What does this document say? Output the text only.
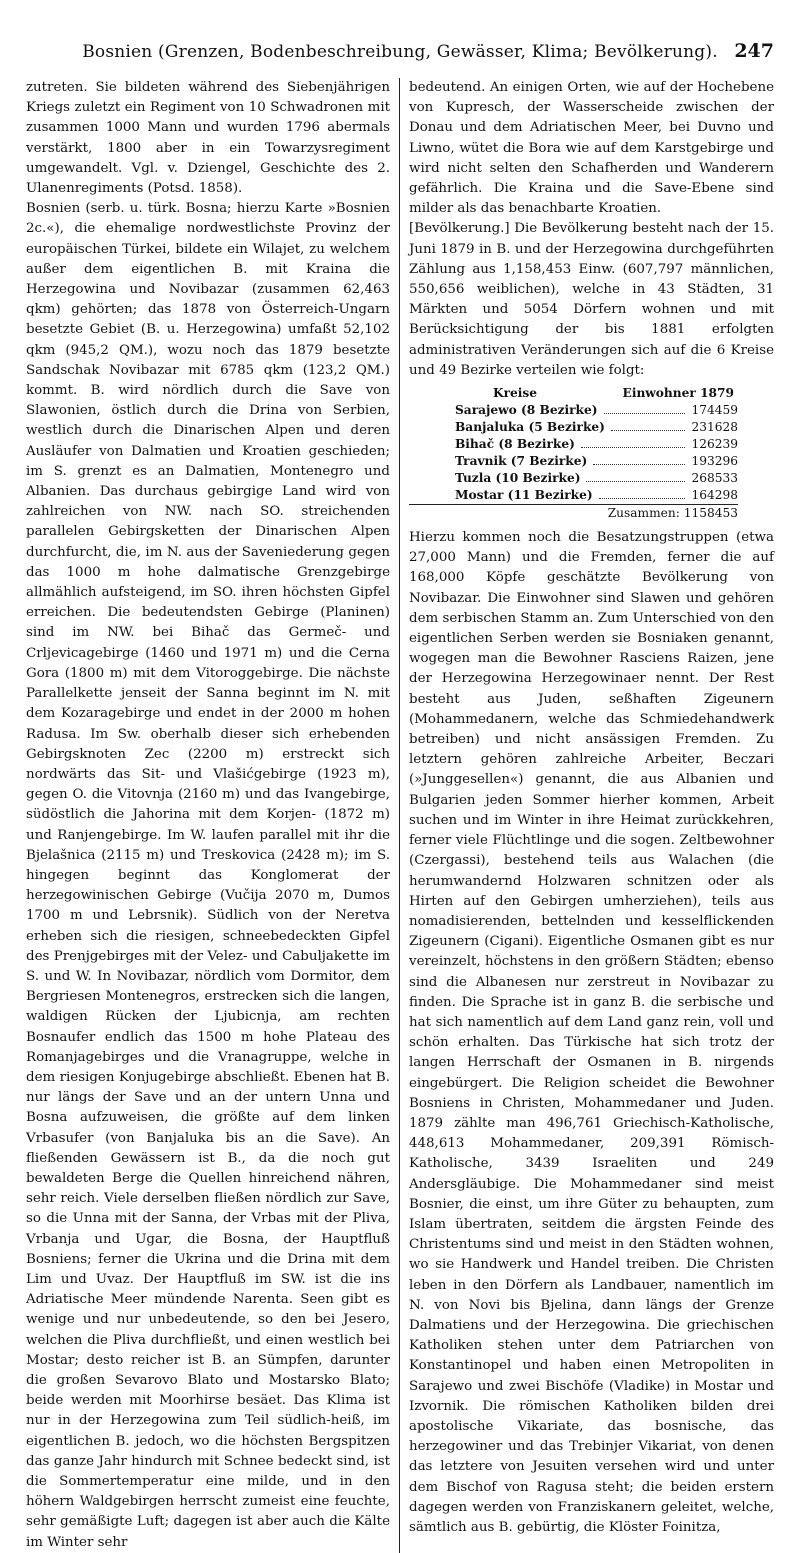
Bosnien (Grenzen, Bodenbeschreibung, Gewässer, Klima; Bevölkerung). 247

zutreten. Sie bildeten während des Siebenjährigen Kriegs zuletzt ein Regiment von 10 Schwadronen mit zusammen 1000 Mann und wurden 1796 abermals verstärkt, 1800 aber in ein Towarzysregiment umgewandelt. Vgl. v. Dziengel, Geschichte des 2. Ulanenregiments (Potsd. 1858).

Bosnien (serb. u. türk. Bosna; hierzu Karte »Bosnien 2c.«), die ehemalige nordwestlichste Provinz der europäischen Türkei, bildete ein Wilajet, zu welchem außer dem eigentlichen B. mit Kraina die Herzegowina und Novibazar (zusammen 62,463 qkm) gehörten; das 1878 von Österreich-Ungarn besetzte Gebiet (B. u. Herzegowina) umfaßt 52,102 qkm (945,2 QM.), wozu noch das 1879 besetzte Sandschak Novibazar mit 6785 qkm (123,2 QM.) kommt. B. wird nördlich durch die Save von Slawonien, östlich durch die Drina von Serbien, westlich durch die Dinarischen Alpen und deren Ausläufer von Dalmatien und Kroatien geschieden; im S. grenzt es an Dalmatien, Montenegro und Albanien. Das durchaus gebirgige Land wird von zahlreichen von NW. nach SO. streichenden parallelen Gebirgsketten der Dinarischen Alpen durchfurcht, die, im N. aus der Saveniederung gegen das 1000 m hohe dalmatische Grenzgebirge allmählich aufsteigend, im SO. ihren höchsten Gipfel erreichen. Die bedeutendsten Gebirge (Planinen) sind im NW. bei Bihač das Germeč- und Crljevicagebirge (1460 und 1971 m) und die Cerna Gora (1800 m) mit dem Vitoroggebirge. Die nächste Parallelkette jenseit der Sanna beginnt im N. mit dem Kozaragebirge und endet in der 2000 m hohen Radusa. Im Sw. oberhalb dieser sich erhebenden Gebirgsknoten Zec (2200 m) erstreckt sich nordwärts das Sit- und Vlašićgebirge (1923 m), gegen O. die Vitovnja (2160 m) und das Ivangebirge, südöstlich die Jahorina mit dem Korjen- (1872 m) und Ranjengebirge. Im W. laufen parallel mit ihr die Bjelašnica (2115 m) und Treskovica (2428 m); im S. hingegen beginnt das Konglomerat der herzegowinischen Gebirge (Vučija 2070 m, Dumos 1700 m und Lebrsnik). Südlich von der Neretva erheben sich die riesigen, schneebedeckten Gipfel des Prenjgebirges mit der Velez- und Cabuljakette im S. und W. In Novibazar, nördlich vom Dormitor, dem Bergriesen Montenegros, erstrecken sich die langen, waldigen Rücken der Ljubicnja, am rechten Bosnaufer endlich das 1500 m hohe Plateau des Romanjagebirges und die Vranagruppe, welche in dem riesigen Konjugebirge abschließt. Ebenen hat B. nur längs der Save und an der untern Unna und Bosna aufzuweisen, die größte auf dem linken Vrbasufer (von Banjaluka bis an die Save). An fließenden Gewässern ist B., da die noch gut bewaldeten Berge die Quellen hinreichend nähren, sehr reich. Viele derselben fließen nördlich zur Save, so die Unna mit der Sanna, der Vrbas mit der Pliva, Vrbanja und Ugar, die Bosna, der Hauptfluß Bosniens; ferner die Ukrina und die Drina mit dem Lim und Uvaz. Der Hauptfluß im SW. ist die ins Adriatische Meer mündende Narenta. Seen gibt es wenige und nur unbedeutende, so den bei Jesero, welchen die Pliva durchfließt, und einen westlich bei Mostar; desto reicher ist B. an Sümpfen, darunter die großen Sevarovo Blato und Mostarsko Blato; beide werden mit Moorhirse besäet. Das Klima ist nur in der Herzegowina zum Teil südlich-heiß, im eigentlichen B. jedoch, wo die höchsten Bergspitzen das ganze Jahr hindurch mit Schnee bedeckt sind, ist die Sommertemperatur eine milde, und in den höhern Waldgebirgen herrscht zumeist eine feuchte, sehr gemäßigte Luft; dagegen ist aber auch die Kälte im Winter sehr

bedeutend. An einigen Orten, wie auf der Hochebene von Kupresch, der Wasserscheide zwischen der Donau und dem Adriatischen Meer, bei Duvno und Liwno, wütet die Bora wie auf dem Karstgebirge und wird nicht selten den Schafherden und Wanderern gefährlich. Die Kraina und die Save-Ebene sind milder als das benachbarte Kroatien.

[Bevölkerung.] Die Bevölkerung besteht nach der 15. Juni 1879 in B. und der Herzegowina durchgeführten Zählung aus 1,158,453 Einw. (607,797 männlichen, 550,656 weiblichen), welche in 43 Städten, 31 Märkten und 5054 Dörfern wohnen und mit Berücksichtigung der bis 1881 erfolgten administrativen Veränderungen sich auf die 6 Kreise und 49 Bezirke verteilen wie folgt:

Kreise	Einwohner 1879
Sarajewo (8 Bezirke)	174459
Banjaluka (5 Bezirke)	231628
Bihač (8 Bezirke)	126239
Travnik (7 Bezirke)	193296
Tuzla (10 Bezirke)	268533
Mostar (11 Bezirke)	164298
Zusammen: 1158453

Hierzu kommen noch die Besatzungstruppen (etwa 27,000 Mann) und die Fremden, ferner die auf 168,000 Köpfe geschätzte Bevölkerung von Novibazar. Die Einwohner sind Slawen und gehören dem serbischen Stamm an. Zum Unterschied von den eigentlichen Serben werden sie Bosniaken genannt, wogegen man die Bewohner Rasciens Raizen, jene der Herzegowina Herzegowinaer nennt. Der Rest besteht aus Juden, seßhaften Zigeunern (Mohammedanern, welche das Schmiedehandwerk betreiben) und nicht ansässigen Fremden. Zu letztern gehören zahlreiche Arbeiter, Beczari (»Junggesellen«) genannt, die aus Albanien und Bulgarien jeden Sommer hierher kommen, Arbeit suchen und im Winter in ihre Heimat zurückkehren, ferner viele Flüchtlinge und die sogen. Zeltbewohner (Czergassi), bestehend teils aus Walachen (die herumwandernd Holzwaren schnitzen oder als Hirten auf den Gebirgen umherziehen), teils aus nomadisierenden, bettelnden und kesselflickenden Zigeunern (Cigani). Eigentliche Osmanen gibt es nur vereinzelt, höchstens in den größern Städten; ebenso sind die Albanesen nur zerstreut in Novibazar zu finden. Die Sprache ist in ganz B. die serbische und hat sich namentlich auf dem Land ganz rein, voll und schön erhalten. Das Türkische hat sich trotz der langen Herrschaft der Osmanen in B. nirgends eingebürgert. Die Religion scheidet die Bewohner Bosniens in Christen, Mohammedaner und Juden. 1879 zählte man 496,761 Griechisch-Katholische, 448,613 Mohammedaner, 209,391 Römisch-Katholische, 3439 Israeliten und 249 Andersgläubige. Die Mohammedaner sind meist Bosnier, die einst, um ihre Güter zu behaupten, zum Islam übertraten, seitdem die ärgsten Feinde des Christentums sind und meist in den Städten wohnen, wo sie Handwerk und Handel treiben. Die Christen leben in den Dörfern als Landbauer, namentlich im N. von Novi bis Bjelina, dann längs der Grenze Dalmatiens und der Herzegowina. Die griechischen Katholiken stehen unter dem Patriarchen von Konstantinopel und haben einen Metropoliten in Sarajewo und zwei Bischöfe (Vladike) in Mostar und Izvornik. Die römischen Katholiken bilden drei apostolische Vikariate, das bosnische, das herzegowiner und das Trebinjer Vikariat, von denen das letztere von Jesuiten versehen wird und unter dem Bischof von Ragusa steht; die beiden erstern dagegen werden von Franziskanern geleitet, welche, sämtlich aus B. gebürtig, die Klöster Foinitza,
